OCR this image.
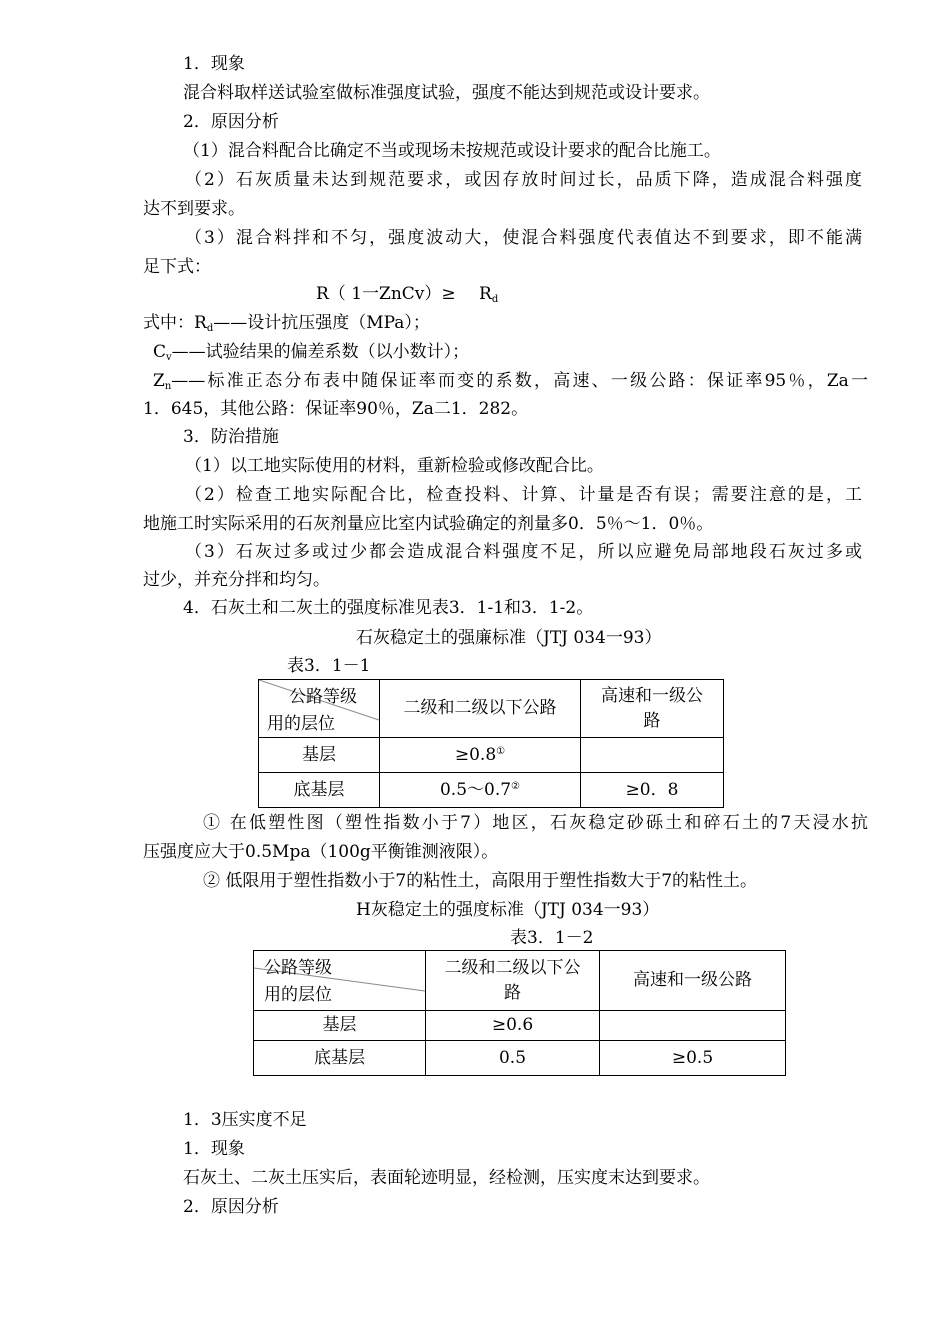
1．现象
混合料取样送试验室做标准强度试验，强度不能达到规范或设计要求。
2．原因分析
（1）混合料配合比确定不当或现场未按规范或设计要求的配合比施工。
（2）石灰质量未达到规范要求，或因存放时间过长，品质下降，造成混合料强度
达不到要求。
（3）混合料拌和不匀，强度波动大，使混合料强度代表值达不到要求，即不能满
足下式：
R（ 1一ZnCv）≥ $R_d$
式中：$R_d——$设计抗压强度（MPa）；
$C_v——$试验结果的偏差系数（以小数计）；
$Z_n——$标准正态分布表中随保证率而变的系数，高速、一级公路：保证率95％，Za一
1．645，其他公路：保证率90％，Za二1．282。
3．防治措施
（1）以工地实际使用的材料，重新检验或修改配合比。
（2）检查工地实际配合比，检查投料、计算、计量是否有误；需要注意的是，工
地施工时实际采用的石灰剂量应比室内试验确定的剂量多0．5％～1．0％。
（3）石灰过多或过少都会造成混合料强度不足，所以应避免局部地段石灰过多或
过少，并充分拌和均匀。
4．石灰土和二灰土的强度标准见表3．1-1和3．1-2。
石灰稳定土的强廉标准（JTJ 034一93）
表3．1－1
公路等级
用的层位	二级和二级以下公路	高速和一级公
路
基层	≥0.8①	
底基层	0.5～0.7②	≥0．8
① 在低塑性图（塑性指数小于7）地区，石灰稳定砂砾土和碎石土的7天浸水抗
压强度应大于0.5Mpa（100g平衡锥测液限）。
② 低限用于塑性指数小于7的粘性土，高限用于塑性指数大于7的粘性土。
H灰稳定土的强度标准（JTJ 034一93）
表3．1－2
公路等级
用的层位	二级和二级以下公
路	高速和一级公路
基层	≥0.6	
底基层	0.5	≥0.5
1．3压实度不足
1．现象
石灰土、二灰土压实后，表面轮迹明显，经检测，压实度末达到要求。
2．原因分析
